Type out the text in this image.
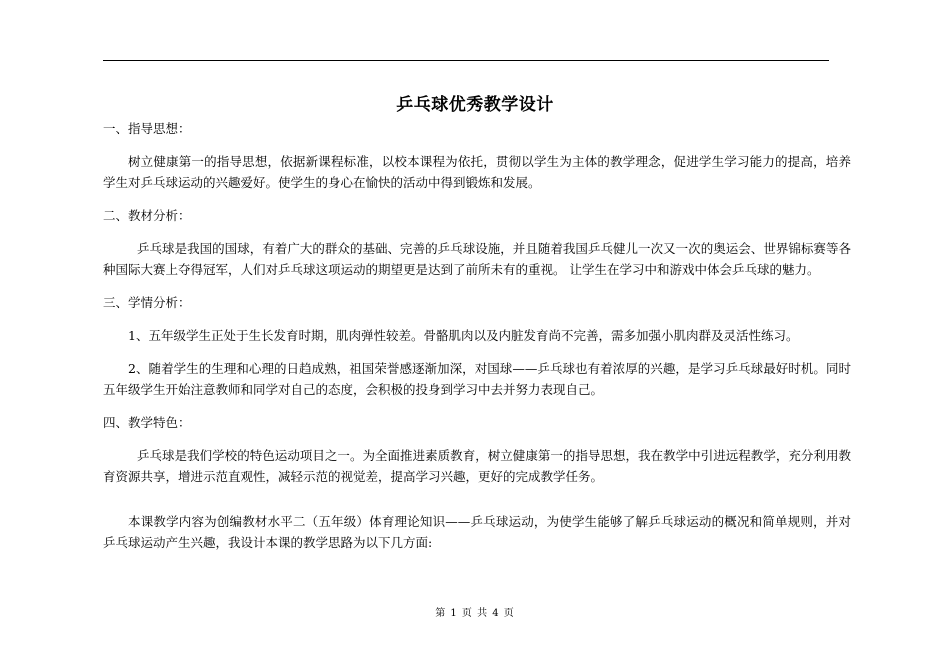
乒乓球优秀教学设计

一、指导思想：

树立健康第一的指导思想，依据新课程标准，以校本课程为依托，贯彻以学生为主体的教学理念，促进学生学习能力的提高，培养学生对乒乓球运动的兴趣爱好。使学生的身心在愉快的活动中得到锻炼和发展。

二、教材分析：

乒乓球是我国的国球，有着广大的群众的基础、完善的乒乓球设施，并且随着我国乒乓健儿一次又一次的奥运会、世界锦标赛等各种国际大赛上夺得冠军，人们对乒乓球这项运动的期望更是达到了前所未有的重视。 让学生在学习中和游戏中体会乒乓球的魅力。

三、学情分析：

1、五年级学生正处于生长发育时期，肌肉弹性较差。骨骼肌肉以及内脏发育尚不完善，需多加强小肌肉群及灵活性练习。

2、随着学生的生理和心理的日趋成熟，祖国荣誉感逐渐加深，对国球——乒乓球也有着浓厚的兴趣，是学习乒乓球最好时机。同时五年级学生开始注意教师和同学对自己的态度，会积极的投身到学习中去并努力表现自己。

四、教学特色：

乒乓球是我们学校的特色运动项目之一。为全面推进素质教育，树立健康第一的指导思想，我在教学中引进远程教学，充分利用教育资源共享，增进示范直观性，减轻示范的视觉差，提高学习兴趣，更好的完成教学任务。

本课教学内容为创编教材水平二（五年级）体育理论知识——乒乓球运动，为使学生能够了解乒乓球运动的概况和简单规则，并对乒乓球运动产生兴趣，我设计本课的教学思路为以下几方面:

第 1 页 共 4 页
